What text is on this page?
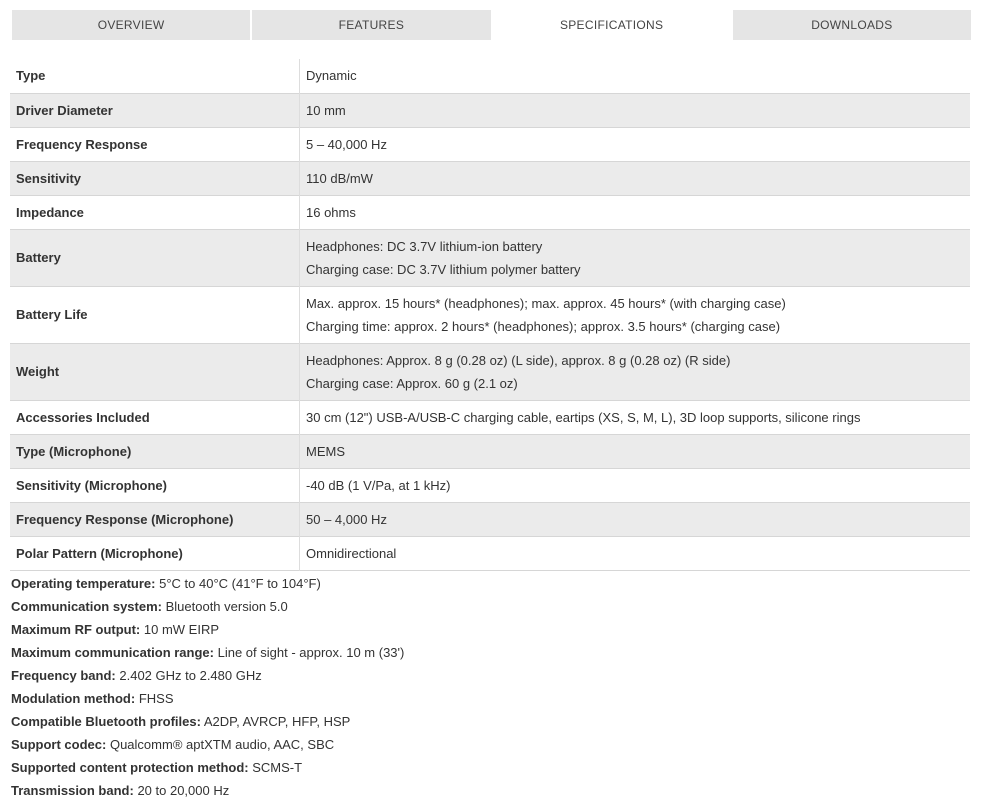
OVERVIEW	FEATURES	SPECIFICATIONS	DOWNLOADS
Type	Dynamic

Driver Diameter	10 mm

Frequency Response	5 – 40,000 Hz

Sensitivity	110 dB/mW

Impedance	16 ohms

Battery	Headphones: DC 3.7V lithium-ion battery
Charging case: DC 3.7V lithium polymer battery

Battery Life	Max. approx. 15 hours* (headphones); max. approx. 45 hours* (with charging case)
Charging time: approx. 2 hours* (headphones); approx. 3.5 hours* (charging case)

Weight	Headphones: Approx. 8 g (0.28 oz) (L side), approx. 8 g (0.28 oz) (R side)
Charging case: Approx. 60 g (2.1 oz)

Accessories Included	30 cm (12") USB-A/USB-C charging cable, eartips (XS, S, M, L), 3D loop supports, silicone rings

Type (Microphone)	MEMS

Sensitivity (Microphone)	-40 dB (1 V/Pa, at 1 kHz)

Frequency Response (Microphone)	50 – 4,000 Hz

Polar Pattern (Microphone)	Omnidirectional
Operating temperature: 5°C to 40°C (41°F to 104°F)
Communication system: Bluetooth version 5.0
Maximum RF output: 10 mW EIRP
Maximum communication range: Line of sight - approx. 10 m (33')
Frequency band: 2.402 GHz to 2.480 GHz
Modulation method: FHSS
Compatible Bluetooth profiles: A2DP, AVRCP, HFP, HSP
Support codec: Qualcomm® aptXTM audio, AAC, SBC
Supported content protection method: SCMS-T
Transmission band: 20 to 20,000 Hz
